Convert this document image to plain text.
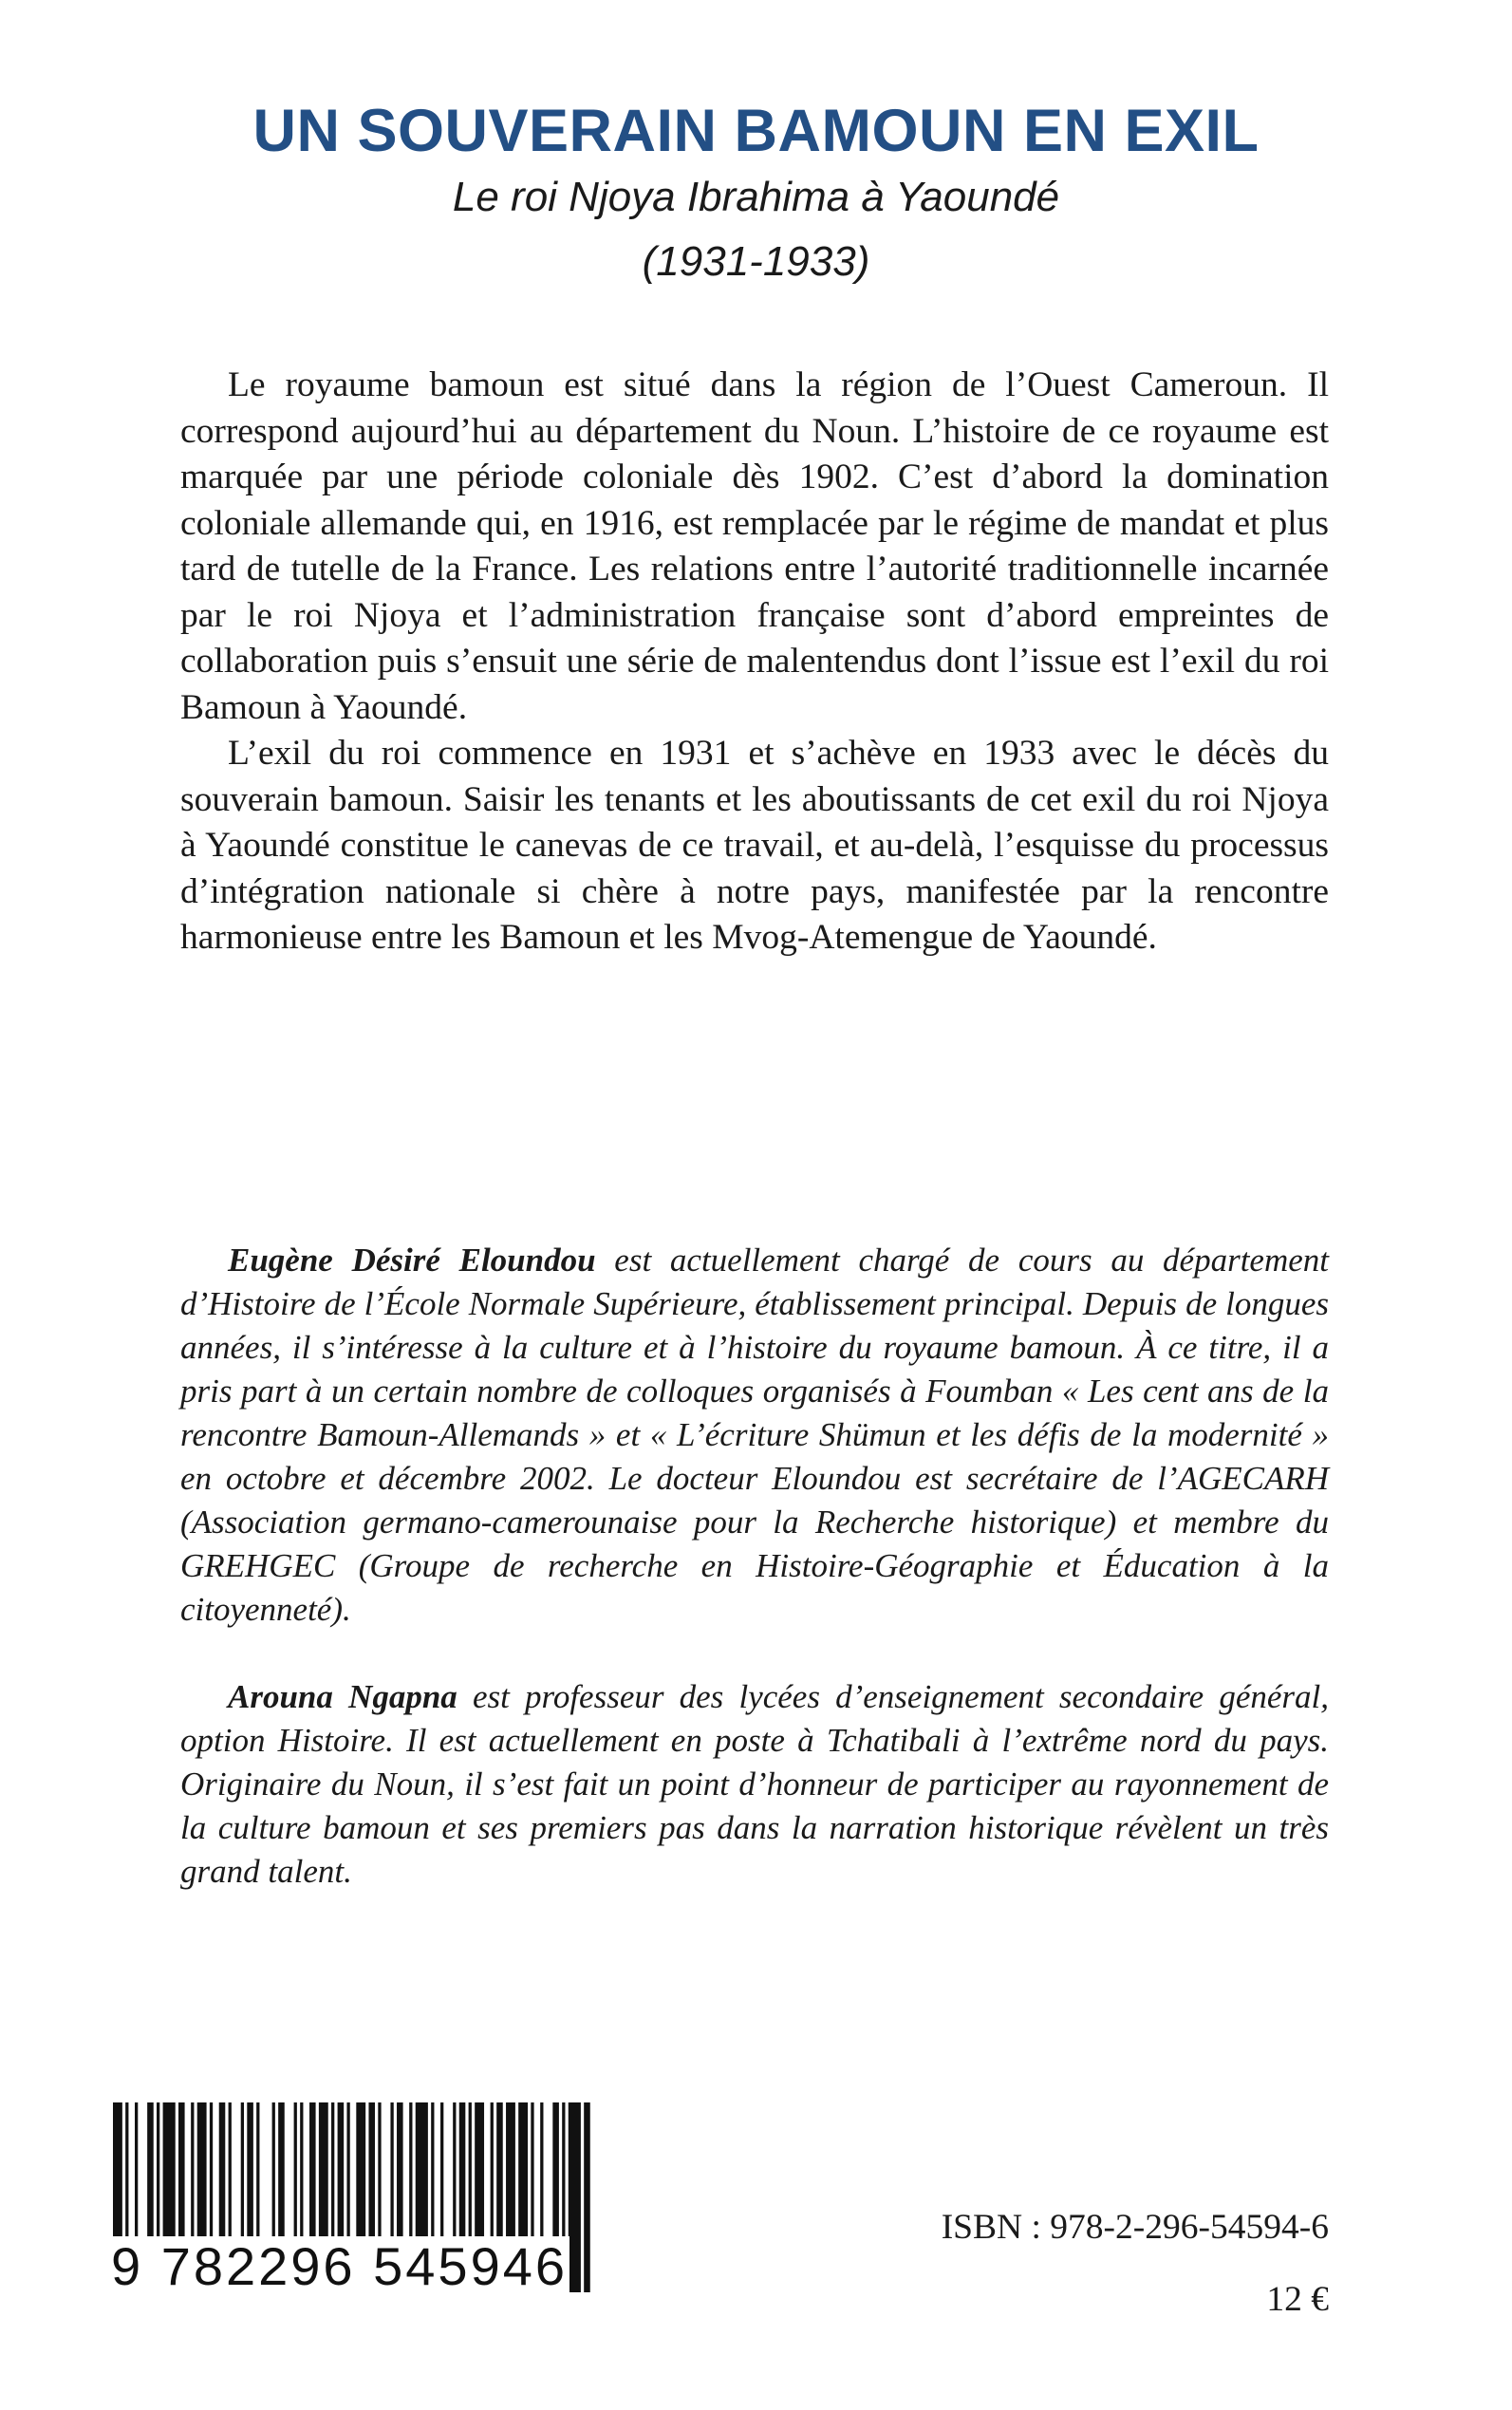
UN SOUVERAIN BAMOUN EN EXIL
Le roi Njoya Ibrahima à Yaoundé
(1931-1933)

Le royaume bamoun est situé dans la région de l’Ouest Cameroun. Il correspond aujourd’hui au département du Noun. L’histoire de ce royaume est marquée par une période coloniale dès 1902. C’est d’abord la domination coloniale allemande qui, en 1916, est remplacée par le régime de mandat et plus tard de tutelle de la France. Les relations entre l’autorité traditionnelle incarnée par le roi Njoya et l’administration française sont d’abord empreintes de collaboration puis s’ensuit une série de malentendus dont l’issue est l’exil du roi Bamoun à Yaoundé.

L’exil du roi commence en 1931 et s’achève en 1933 avec le décès du souverain bamoun. Saisir les tenants et les aboutissants de cet exil du roi Njoya à Yaoundé constitue le canevas de ce travail, et au-delà, l’esquisse du processus d’intégration nationale si chère à notre pays, manifestée par la rencontre harmonieuse entre les Bamoun et les Mvog-Atemengue de Yaoundé.

Eugène Désiré Eloundou est actuellement chargé de cours au département d’Histoire de l’École Normale Supérieure, établissement principal. Depuis de longues années, il s’intéresse à la culture et à l’histoire du royaume bamoun. À ce titre, il a pris part à un certain nombre de colloques organisés à Foumban « Les cent ans de la rencontre Bamoun-Allemands » et « L’écriture Shümun et les défis de la modernité » en octobre et décembre 2002. Le docteur Eloundou est secrétaire de l’AGECARH (Association germano-camerounaise pour la Recherche historique) et membre du GREHGEC (Groupe de recherche en Histoire-Géographie et Éducation à la citoyenneté).

Arouna Ngapna est professeur des lycées d’enseignement secondaire général, option Histoire. Il est actuellement en poste à Tchatibali à l’extrême nord du pays. Originaire du Noun, il s’est fait un point d’honneur de participer au rayonnement de la culture bamoun et ses premiers pas dans la narration historique révèlent un très grand talent.

9 782296 545946
ISBN : 978-2-296-54594-6
12 €
